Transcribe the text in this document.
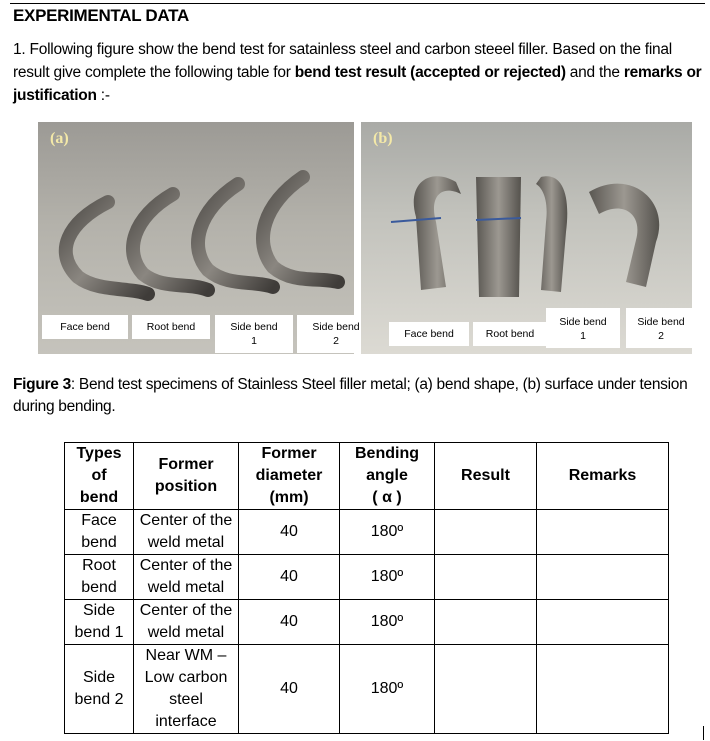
EXPERIMENTAL DATA
1. Following figure show the bend test for satainless steel and carbon steeel filler. Based on the final result give complete the following table for bend test result (accepted or rejected) and the remarks or justification :-
(a)
Face bend	Root bend	Side bend
1
Side bend
2
(b)
Face bend	Root bend
Side bend
1
Side bend
2
Figure 3: Bend test specimens of Stainless Steel filler metal; (a) bend shape, (b) surface under tension during bending.
Types
of
bend	Former
position	Former
diameter
(mm)	Bending
angle
( α )	Result	Remarks
Face
bend	Center of the
weld metal	40	180º		
Root
bend	Center of the
weld metal	40	180º		
Side
bend 1	Center of the
weld metal	40	180º		
Side
bend 2	Near WM –
Low carbon
steel
interface	40	180º		
